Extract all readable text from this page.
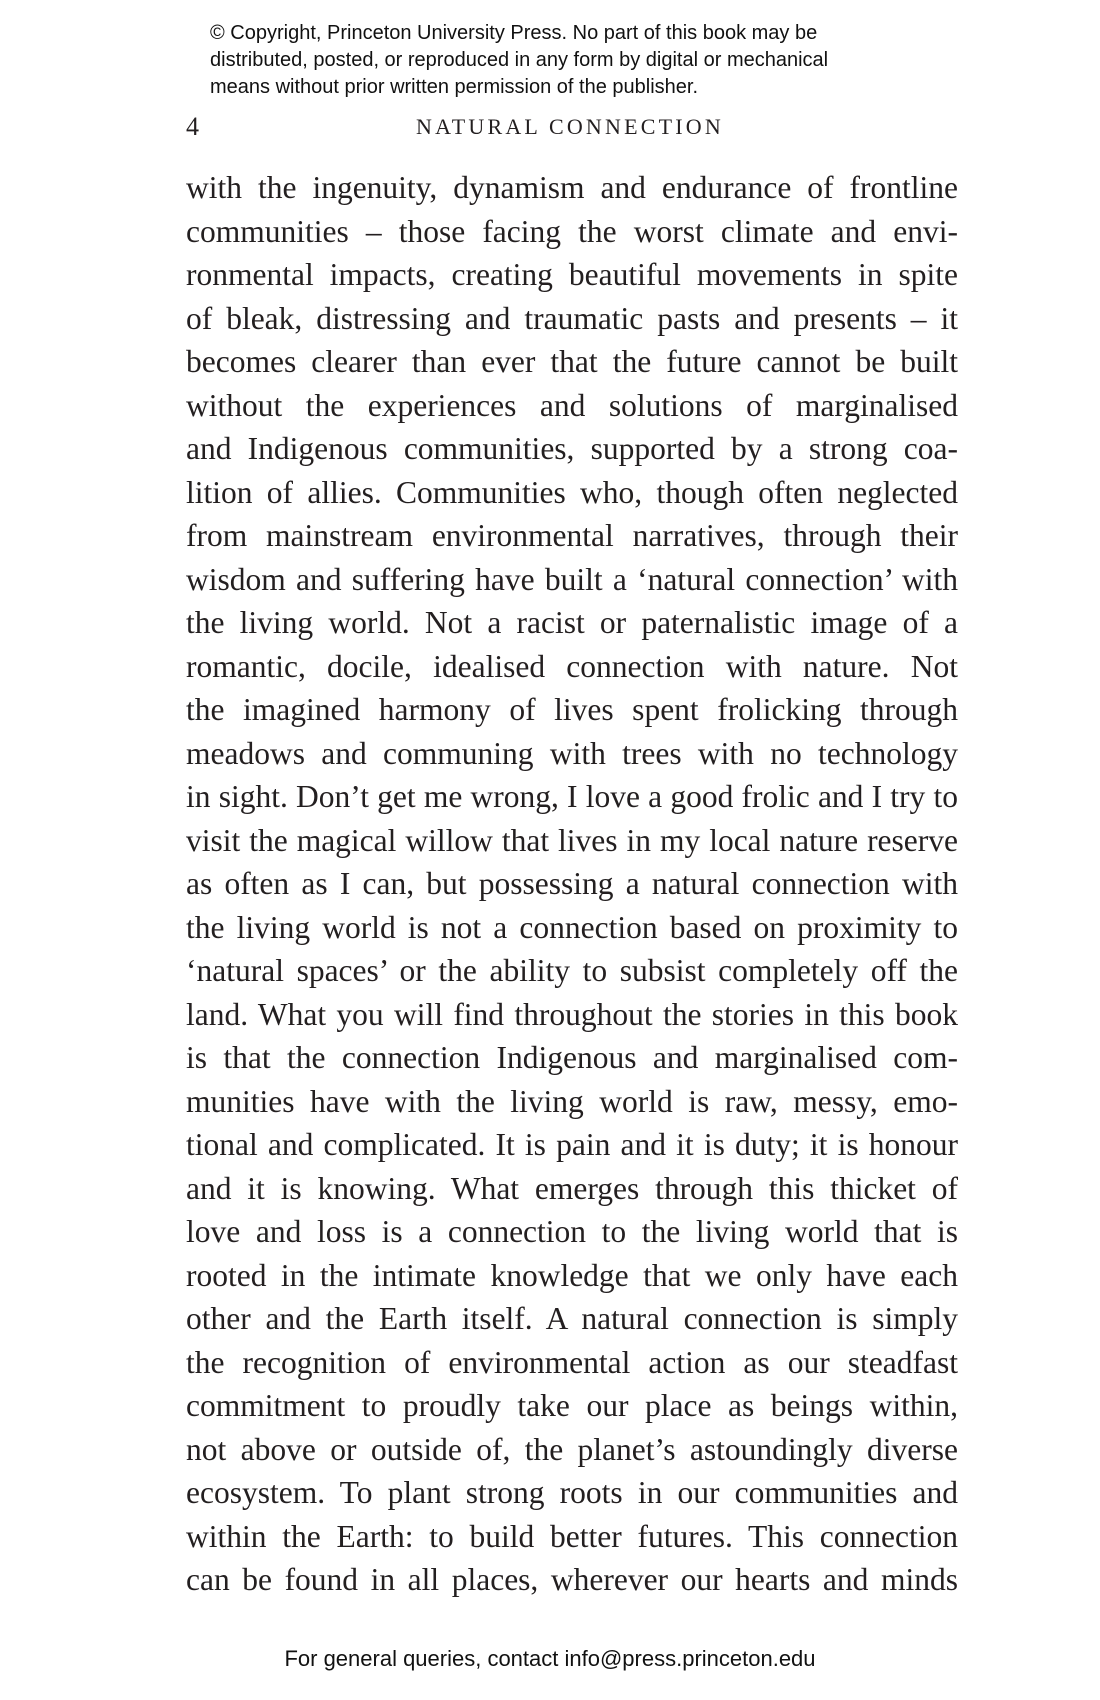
© Copyright, Princeton University Press. No part of this book may be
distributed, posted, or reproduced in any form by digital or mechanical
means without prior written permission of the publisher.
4	NATURAL CONNECTION
with the ingenuity, dynamism and endurance of frontline
communities – those facing the worst climate and envi-
ronmental impacts, creating beautiful movements in spite
of bleak, distressing and traumatic pasts and presents – it
becomes clearer than ever that the future cannot be built
without the experiences and solutions of marginalised
and Indigenous communities, supported by a strong coa-
lition of allies. Communities who, though often neglected
from mainstream environmental narratives, through their
wisdom and suffering have built a ‘natural connection’ with
the living world. Not a racist or paternalistic image of a
romantic, docile, idealised connection with nature. Not
the imagined harmony of lives spent frolicking through
meadows and communing with trees with no technology
in sight. Don’t get me wrong, I love a good frolic and I try to
visit the magical willow that lives in my local nature reserve
as often as I can, but possessing a natural connection with
the living world is not a connection based on proximity to
‘natural spaces’ or the ability to subsist completely off the
land. What you will find throughout the stories in this book
is that the connection Indigenous and marginalised com-
munities have with the living world is raw, messy, emo-
tional and complicated. It is pain and it is duty; it is honour
and it is knowing. What emerges through this thicket of
love and loss is a connection to the living world that is
rooted in the intimate knowledge that we only have each
other and the Earth itself. A natural connection is simply
the recognition of environmental action as our steadfast
commitment to proudly take our place as beings within,
not above or outside of, the planet’s astoundingly diverse
ecosystem. To plant strong roots in our communities and
within the Earth: to build better futures. This connection
can be found in all places, wherever our hearts and minds
For general queries, contact info@press.princeton.edu
